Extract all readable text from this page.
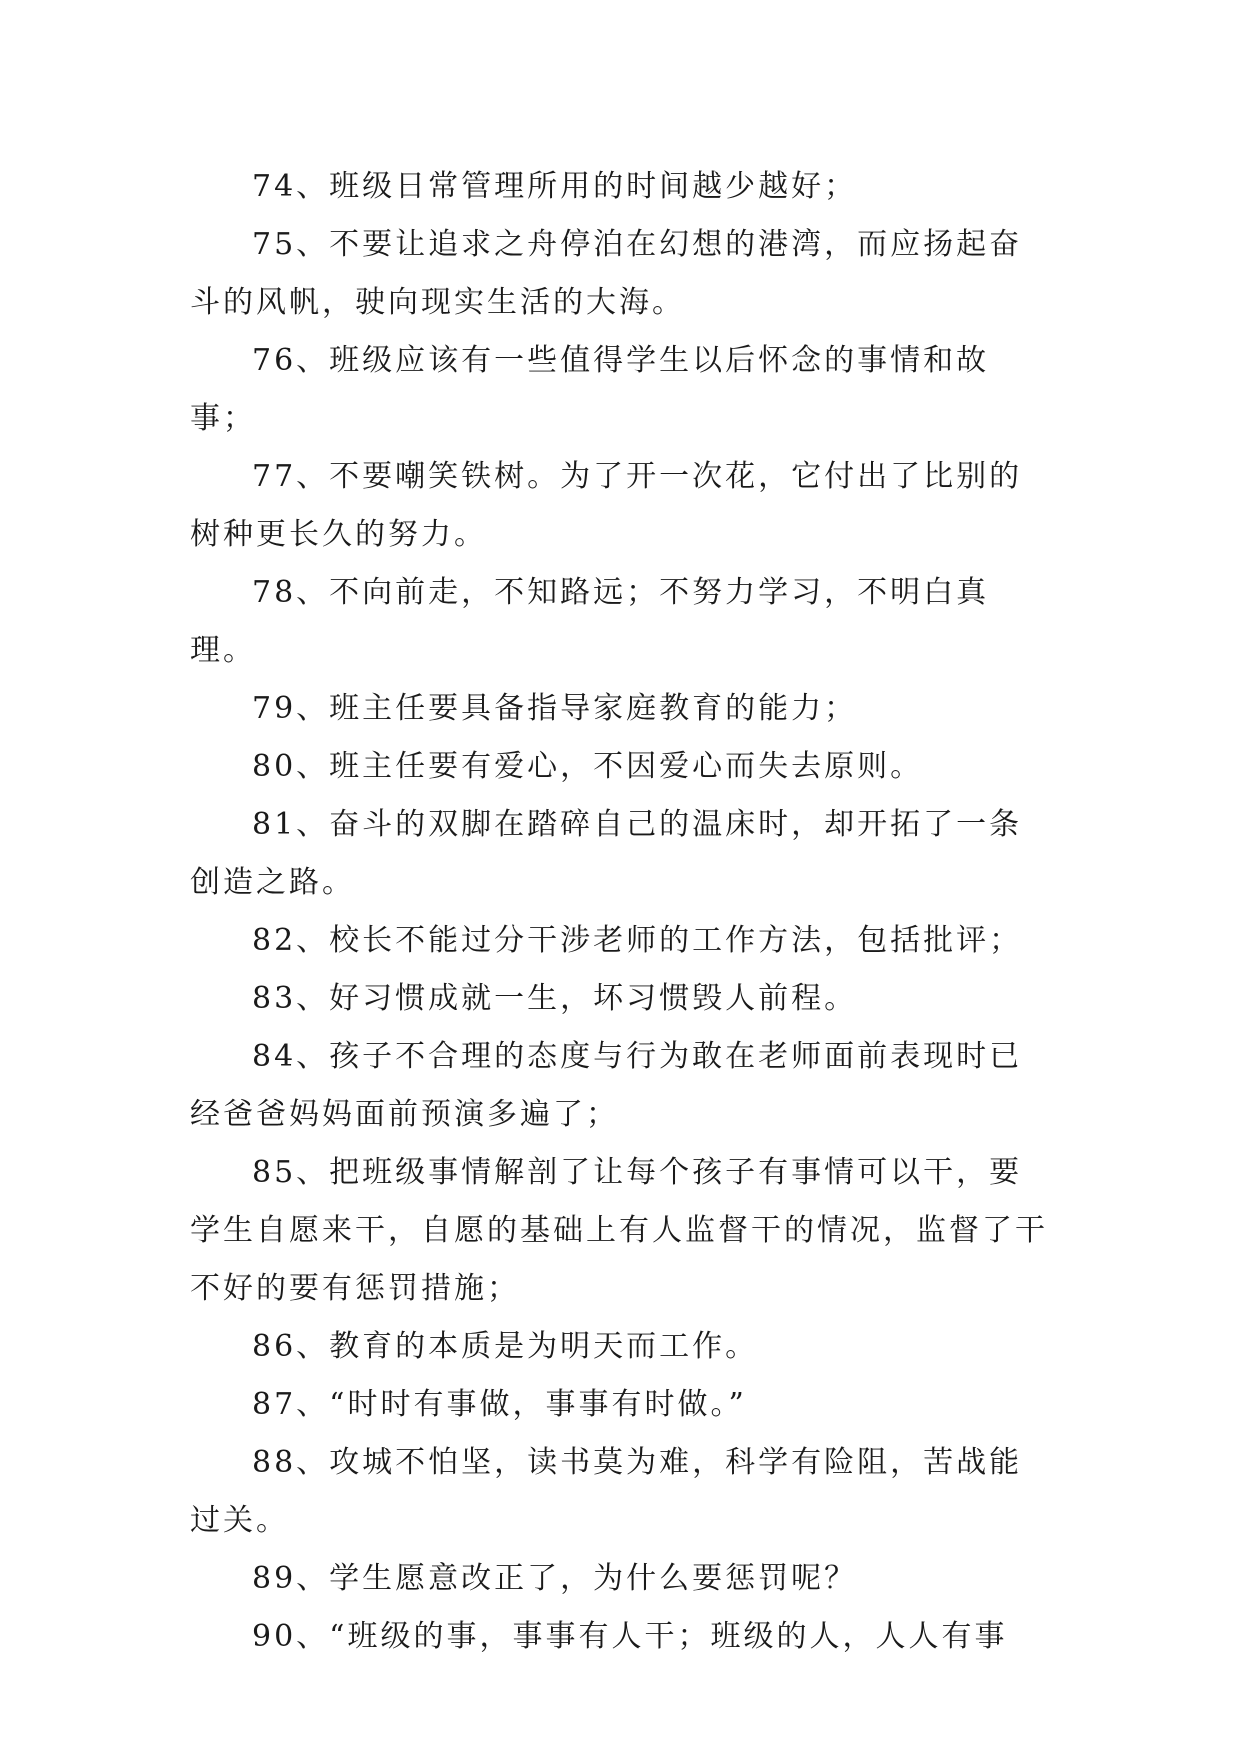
74、班级日常管理所用的时间越少越好；

75、不要让追求之舟停泊在幻想的港湾，而应扬起奋斗的风帆，驶向现实生活的大海。

76、班级应该有一些值得学生以后怀念的事情和故事；

77、不要嘲笑铁树。为了开一次花，它付出了比别的树种更长久的努力。

78、不向前走，不知路远；不努力学习，不明白真理。

79、班主任要具备指导家庭教育的能力；

80、班主任要有爱心，不因爱心而失去原则。

81、奋斗的双脚在踏碎自己的温床时，却开拓了一条创造之路。

82、校长不能过分干涉老师的工作方法，包括批评；

83、好习惯成就一生，坏习惯毁人前程。

84、孩子不合理的态度与行为敢在老师面前表现时已经爸爸妈妈面前预演多遍了；

85、把班级事情解剖了让每个孩子有事情可以干，要学生自愿来干，自愿的基础上有人监督干的情况，监督了干不好的要有惩罚措施；

86、教育的本质是为明天而工作。

87、“时时有事做，事事有时做。”

88、攻城不怕坚，读书莫为难，科学有险阻，苦战能过关。

89、学生愿意改正了，为什么要惩罚呢？

90、“班级的事，事事有人干；班级的人，人人有事
